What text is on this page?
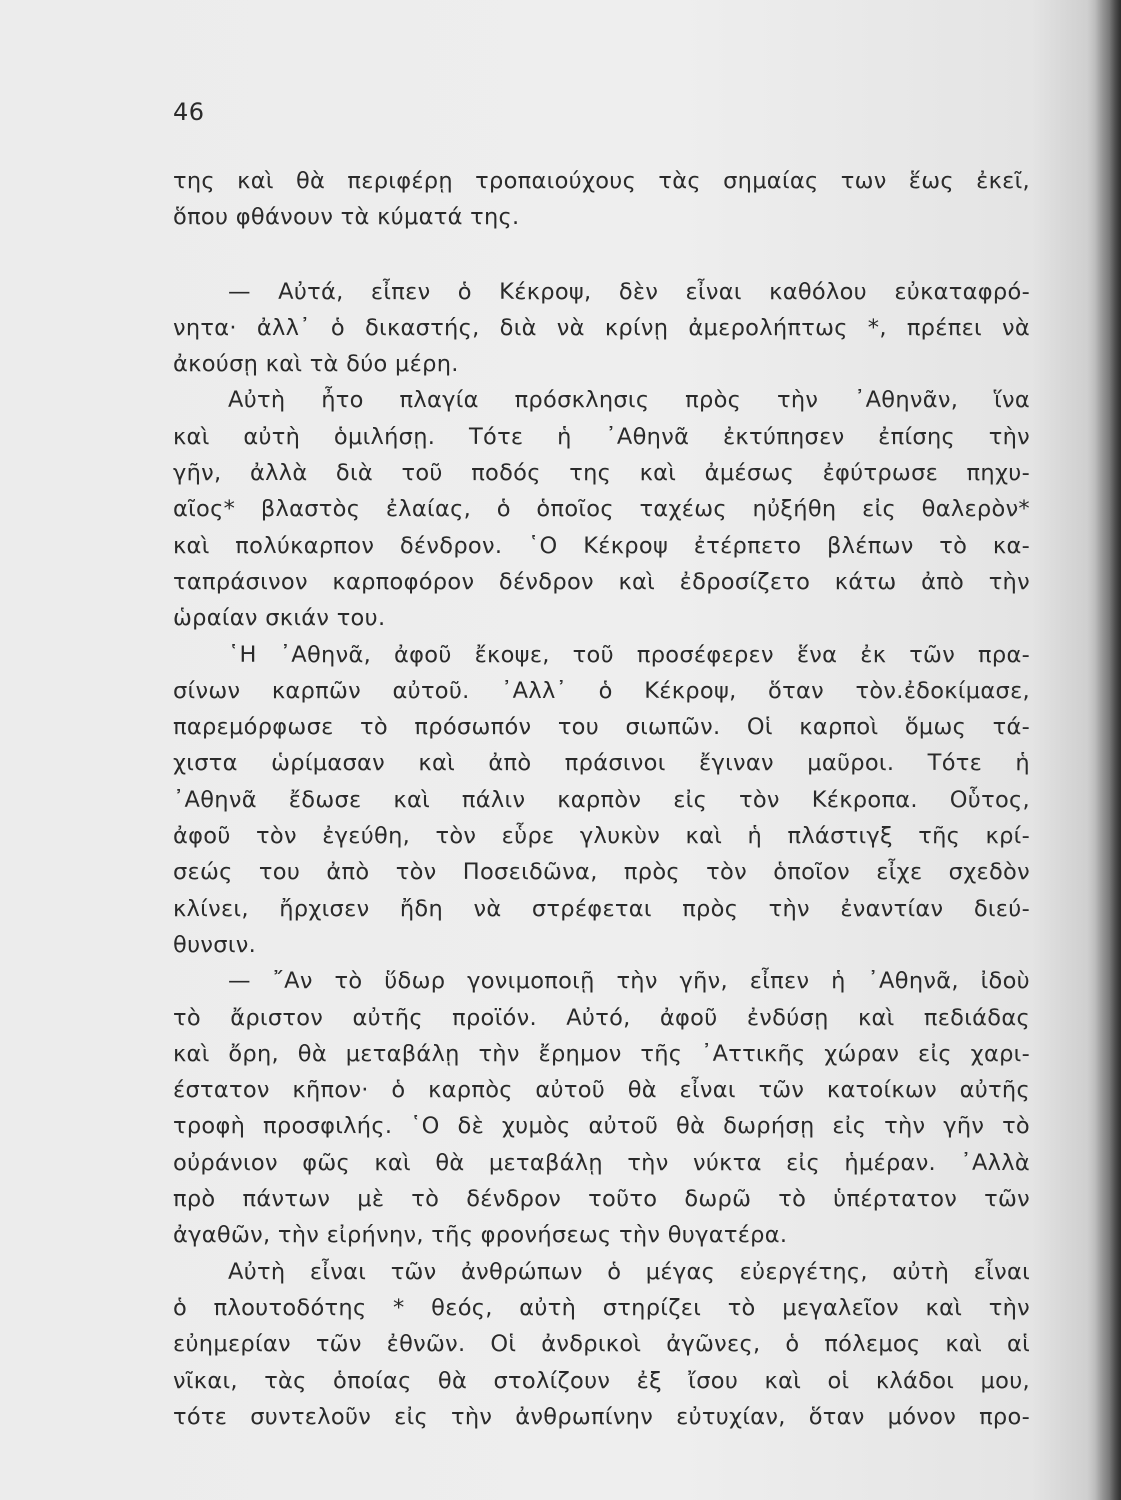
46
της καὶ θὰ περιφέρῃ τροπαιούχους τὰς σημαίας των ἕως ἐκεῖ,
ὅπου φθάνουν τὰ κύματά της.
— Αὐτά, εἶπεν ὁ Κέκροψ, δὲν εἶναι καθόλου εὐκαταφρό-
νητα· ἀλλ᾽ ὁ δικαστής, διὰ νὰ κρίνῃ ἀμερολήπτως *, πρέπει νὰ
ἀκούσῃ καὶ τὰ δύο μέρη.
Αὐτὴ ἦτο πλαγία πρόσκλησις πρὸς τὴν ᾿Αθηνᾶν, ἵνα
καὶ αὐτὴ ὁμιλήσῃ. Τότε ἡ ᾿Αθηνᾶ ἐκτύπησεν ἐπίσης τὴν
γῆν, ἀλλὰ διὰ τοῦ ποδός της καὶ ἀμέσως ἐφύτρωσε πηχυ-
αῖος* βλαστὸς ἐλαίας, ὁ ὁποῖος ταχέως ηὐξήθη εἰς θαλερὸν*
καὶ πολύκαρπον δένδρον. ῾Ο Κέκροψ ἐτέρπετο βλέπων τὸ κα-
ταπράσινον καρποφόρον δένδρον καὶ ἐδροσίζετο κάτω ἀπὸ τὴν
ὡραίαν σκιάν του.
῾Η ᾿Αθηνᾶ, ἀφοῦ ἔκοψε, τοῦ προσέφερεν ἕνα ἐκ τῶν πρα-
σίνων καρπῶν αὐτοῦ. ᾿Αλλ᾽ ὁ Κέκροψ, ὅταν τὸν.ἐδοκίμασε,
παρεμόρφωσε τὸ πρόσωπόν του σιωπῶν. Οἱ καρποὶ ὅμως τά-
χιστα ὡρίμασαν καὶ ἀπὸ πράσινοι ἔγιναν μαῦροι. Τότε ἡ
᾿Αθηνᾶ ἔδωσε καὶ πάλιν καρπὸν εἰς τὸν Κέκροπα. Οὗτος,
ἀφοῦ τὸν ἐγεύθη, τὸν εὗρε γλυκὺν καὶ ἡ πλάστιγξ τῆς κρί-
σεώς του ἀπὸ τὸν Ποσειδῶνα, πρὸς τὸν ὁποῖον εἶχε σχεδὸν
κλίνει, ἤρχισεν ἤδη νὰ στρέφεται πρὸς τὴν ἐναντίαν διεύ-
θυνσιν.
— ῎Αν τὸ ὕδωρ γονιμοποιῇ τὴν γῆν, εἶπεν ἡ ᾿Αθηνᾶ, ἰδοὺ
τὸ ἄριστον αὐτῆς προϊόν. Αὐτό, ἀφοῦ ἐνδύσῃ καὶ πεδιάδας
καὶ ὄρη, θὰ μεταβάλῃ τὴν ἔρημον τῆς ᾿Αττικῆς χώραν εἰς χαρι-
έστατον κῆπον· ὁ καρπὸς αὐτοῦ θὰ εἶναι τῶν κατοίκων αὐτῆς
τροφὴ προσφιλής. ῾Ο δὲ χυμὸς αὐτοῦ θὰ δωρήσῃ εἰς τὴν γῆν τὸ
οὐράνιον φῶς καὶ θὰ μεταβάλῃ τὴν νύκτα εἰς ἡμέραν. ᾿Αλλὰ
πρὸ πάντων μὲ τὸ δένδρον τοῦτο δωρῶ τὸ ὑπέρτατον τῶν
ἀγαθῶν, τὴν εἰρήνην, τῆς φρονήσεως τὴν θυγατέρα.
Αὐτὴ εἶναι τῶν ἀνθρώπων ὁ μέγας εὐεργέτης, αὐτὴ εἶναι
ὁ πλουτοδότης * θεός, αὐτὴ στηρίζει τὸ μεγαλεῖον καὶ τὴν
εὐημερίαν τῶν ἐθνῶν. Οἱ ἀνδρικοὶ ἀγῶνες, ὁ πόλεμος καὶ αἱ
νῖκαι, τὰς ὁποίας θὰ στολίζουν ἐξ ἴσου καὶ οἱ κλάδοι μου,
τότε συντελοῦν εἰς τὴν ἀνθρωπίνην εὐτυχίαν, ὅταν μόνον προ-
